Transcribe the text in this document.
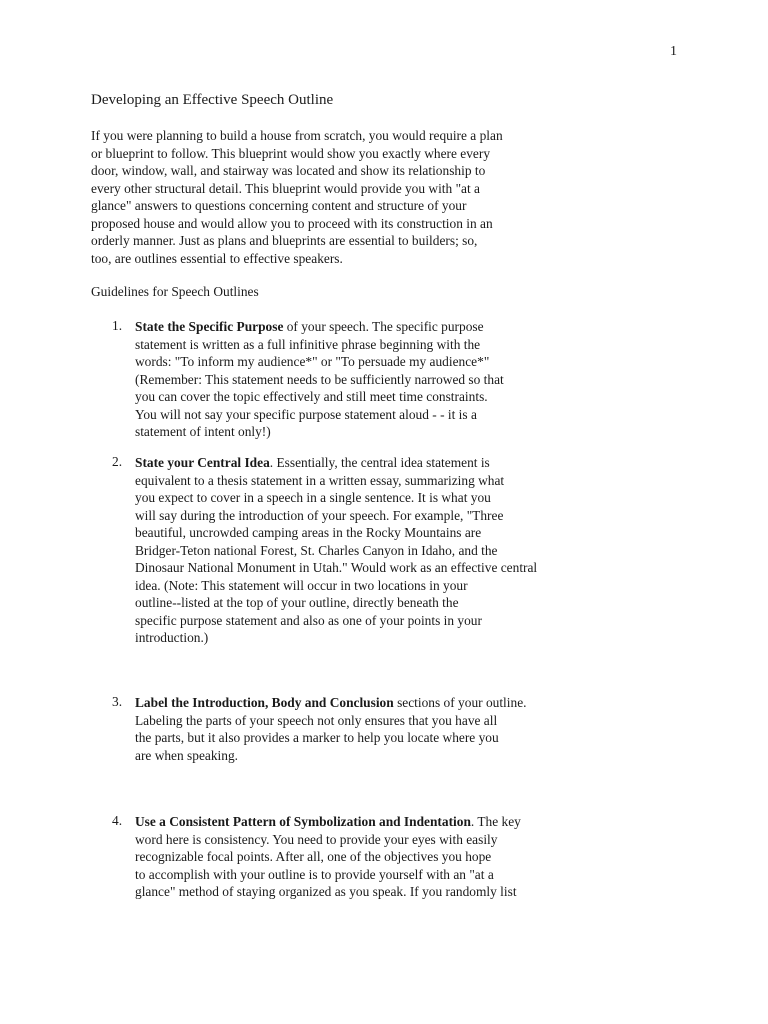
1
Developing an Effective Speech Outline
If you were planning to build a house from scratch, you would require a plan
or blueprint to follow. This blueprint would show you exactly where every
door, window, wall, and stairway was located and show its relationship to
every other structural detail. This blueprint would provide you with "at a
glance" answers to questions concerning content and structure of your
proposed house and would allow you to proceed with its construction in an
orderly manner. Just as plans and blueprints are essential to builders; so,
too, are outlines essential to effective speakers.
Guidelines for Speech Outlines
1. State the Specific Purpose of your speech. The specific purpose
statement is written as a full infinitive phrase beginning with the
words: "To inform my audience*" or "To persuade my audience*"
(Remember: This statement needs to be sufficiently narrowed so that
you can cover the topic effectively and still meet time constraints.
You will not say your specific purpose statement aloud - - it is a
statement of intent only!)
2. State your Central Idea. Essentially, the central idea statement is
equivalent to a thesis statement in a written essay, summarizing what
you expect to cover in a speech in a single sentence. It is what you
will say during the introduction of your speech. For example, "Three
beautiful, uncrowded camping areas in the Rocky Mountains are
Bridger-Teton national Forest, St. Charles Canyon in Idaho, and the
Dinosaur National Monument in Utah." Would work as an effective central
idea. (Note: This statement will occur in two locations in your
outline--listed at the top of your outline, directly beneath the
specific purpose statement and also as one of your points in your
introduction.)
3. Label the Introduction, Body and Conclusion sections of your outline.
Labeling the parts of your speech not only ensures that you have all
the parts, but it also provides a marker to help you locate where you
are when speaking.
4. Use a Consistent Pattern of Symbolization and Indentation. The key
word here is consistency. You need to provide your eyes with easily
recognizable focal points. After all, one of the objectives you hope
to accomplish with your outline is to provide yourself with an "at a
glance" method of staying organized as you speak. If you randomly list
